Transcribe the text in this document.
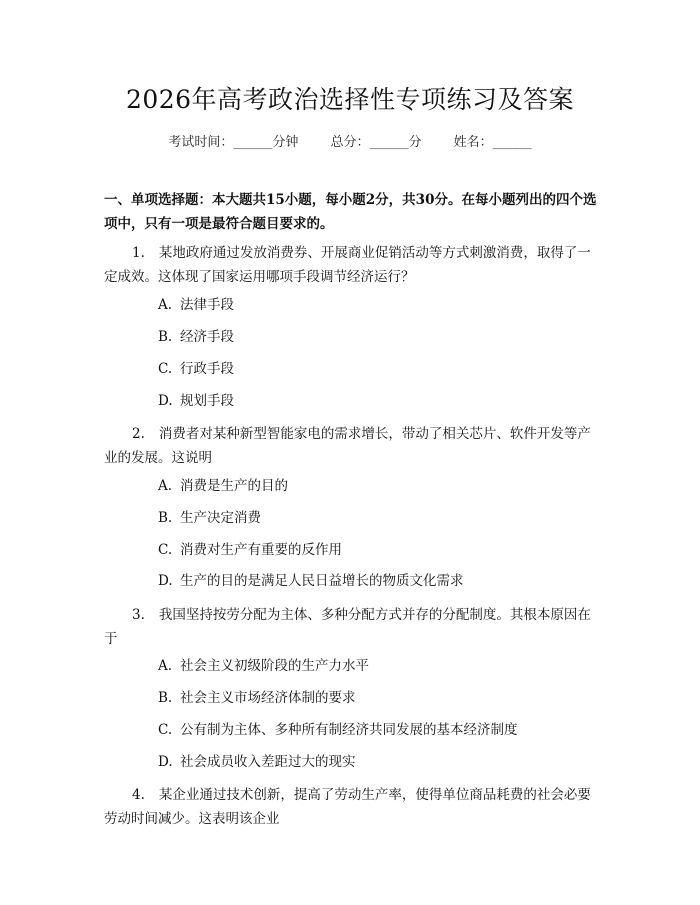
2026年高考政治选择性专项练习及答案
考试时间：______分钟 总分：______分 姓名：______
一、单项选择题：本大题共15小题，每小题2分，共30分。在每小题列出的四个选项中，只有一项是最符合题目要求的。
1. 某地政府通过发放消费券、开展商业促销活动等方式刺激消费，取得了一定成效。这体现了国家运用哪项手段调节经济运行？
A. 法律手段
B. 经济手段
C. 行政手段
D. 规划手段
2. 消费者对某种新型智能家电的需求增长，带动了相关芯片、软件开发等产业的发展。这说明
A. 消费是生产的目的
B. 生产决定消费
C. 消费对生产有重要的反作用
D. 生产的目的是满足人民日益增长的物质文化需求
3. 我国坚持按劳分配为主体、多种分配方式并存的分配制度。其根本原因在于
A. 社会主义初级阶段的生产力水平
B. 社会主义市场经济体制的要求
C. 公有制为主体、多种所有制经济共同发展的基本经济制度
D. 社会成员收入差距过大的现实
4. 某企业通过技术创新，提高了劳动生产率，使得单位商品耗费的社会必要劳动时间减少。这表明该企业
